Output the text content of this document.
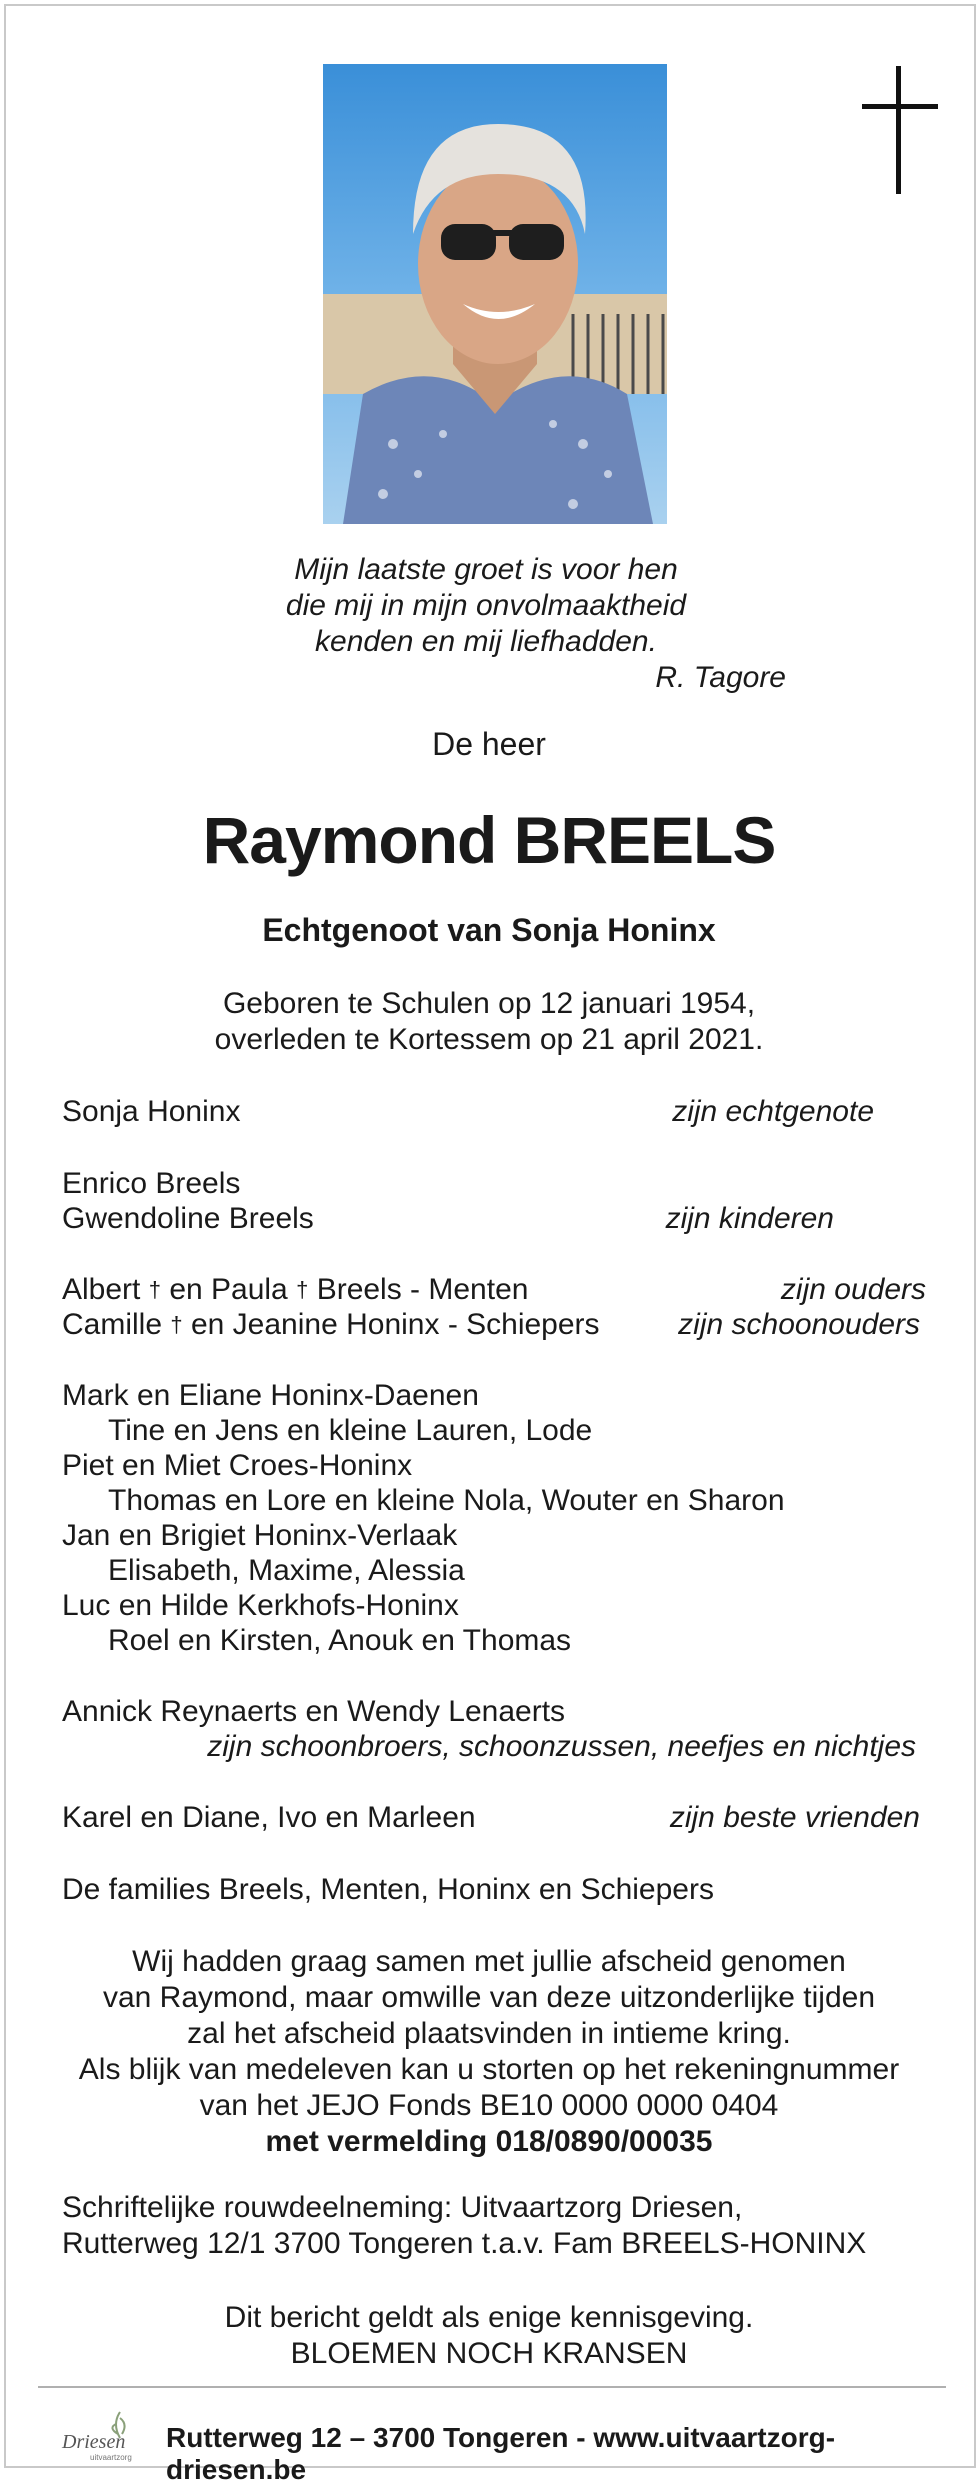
Mijn laatste groet is voor hen
die mij in mijn onvolmaaktheid
kenden en mij liefhadden.
R. Tagore
De heer
Raymond BREELS
Echtgenoot van Sonja Honinx
Geboren te Schulen op 12 januari 1954,
overleden te Kortessem op 21 april 2021.
Sonja Honinx	zijn echtgenote
Enrico Breels
Gwendoline Breels	zijn kinderen
Albert † en Paula † Breels - Menten	zijn ouders
Camille † en Jeanine Honinx - Schiepers	zijn schoonouders
Mark en Eliane Honinx-Daenen
Tine en Jens en kleine Lauren, Lode
Piet en Miet Croes-Honinx
Thomas en Lore en kleine Nola, Wouter en Sharon
Jan en Brigiet Honinx-Verlaak
Elisabeth, Maxime, Alessia
Luc en Hilde Kerkhofs-Honinx
Roel en Kirsten, Anouk en Thomas
Annick Reynaerts en Wendy Lenaerts
zijn schoonbroers, schoonzussen, neefjes en nichtjes
Karel en Diane, Ivo en Marleen	zijn beste vrienden
De families Breels, Menten, Honinx en Schiepers
Wij hadden graag samen met jullie afscheid genomen
van Raymond, maar omwille van deze uitzonderlijke tijden
zal het afscheid plaatsvinden in intieme kring.
Als blijk van medeleven kan u storten op het rekeningnummer
van het JEJO Fonds BE10 0000 0000 0404
met vermelding 018/0890/00035
Schriftelijke rouwdeelneming: Uitvaartzorg Driesen,
Rutterweg 12/1 3700 Tongeren t.a.v. Fam BREELS-HONINX
Dit bericht geldt als enige kennisgeving.
BLOEMEN NOCH KRANSEN
Driesen
uitvaartzorg
Rutterweg 12 – 3700 Tongeren - www.uitvaartzorg-driesen.be
